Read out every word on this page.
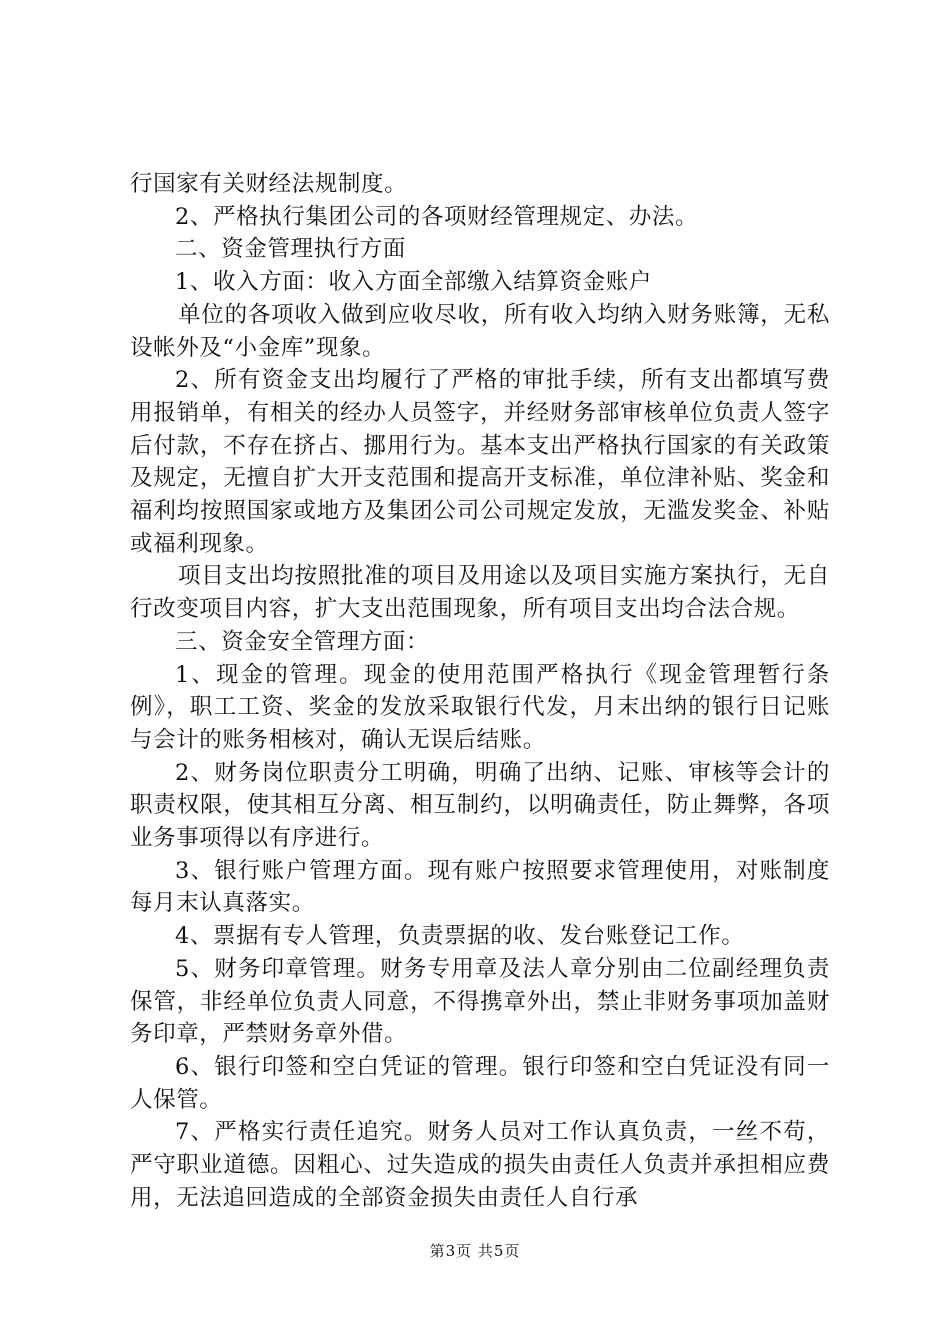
行国家有关财经法规制度。

2、严格执行集团公司的各项财经管理规定、办法。

二、资金管理执行方面

1、收入方面：收入方面全部缴入结算资金账户

单位的各项收入做到应收尽收，所有收入均纳入财务账簿，无私设帐外及“小金库”现象。

2、所有资金支出均履行了严格的审批手续，所有支出都填写费用报销单，有相关的经办人员签字，并经财务部审核单位负责人签字后付款，不存在挤占、挪用行为。基本支出严格执行国家的有关政策及规定，无擅自扩大开支范围和提高开支标准，单位津补贴、奖金和福利均按照国家或地方及集团公司公司规定发放，无滥发奖金、补贴或福利现象。

项目支出均按照批准的项目及用途以及项目实施方案执行，无自行改变项目内容，扩大支出范围现象，所有项目支出均合法合规。

三、资金安全管理方面：

1、现金的管理。现金的使用范围严格执行《现金管理暂行条例》，职工工资、奖金的发放采取银行代发，月末出纳的银行日记账与会计的账务相核对，确认无误后结账。

2、财务岗位职责分工明确，明确了出纳、记账、审核等会计的职责权限，使其相互分离、相互制约，以明确责任，防止舞弊，各项业务事项得以有序进行。

3、银行账户管理方面。现有账户按照要求管理使用，对账制度每月末认真落实。

4、票据有专人管理，负责票据的收、发台账登记工作。

5、财务印章管理。财务专用章及法人章分别由二位副经理负责保管，非经单位负责人同意，不得携章外出，禁止非财务事项加盖财务印章，严禁财务章外借。

6、银行印签和空白凭证的管理。银行印签和空白凭证没有同一人保管。

7、严格实行责任追究。财务人员对工作认真负责，一丝不苟，严守职业道德。因粗心、过失造成的损失由责任人负责并承担相应费用，无法追回造成的全部资金损失由责任人自行承

第3页 共5页
